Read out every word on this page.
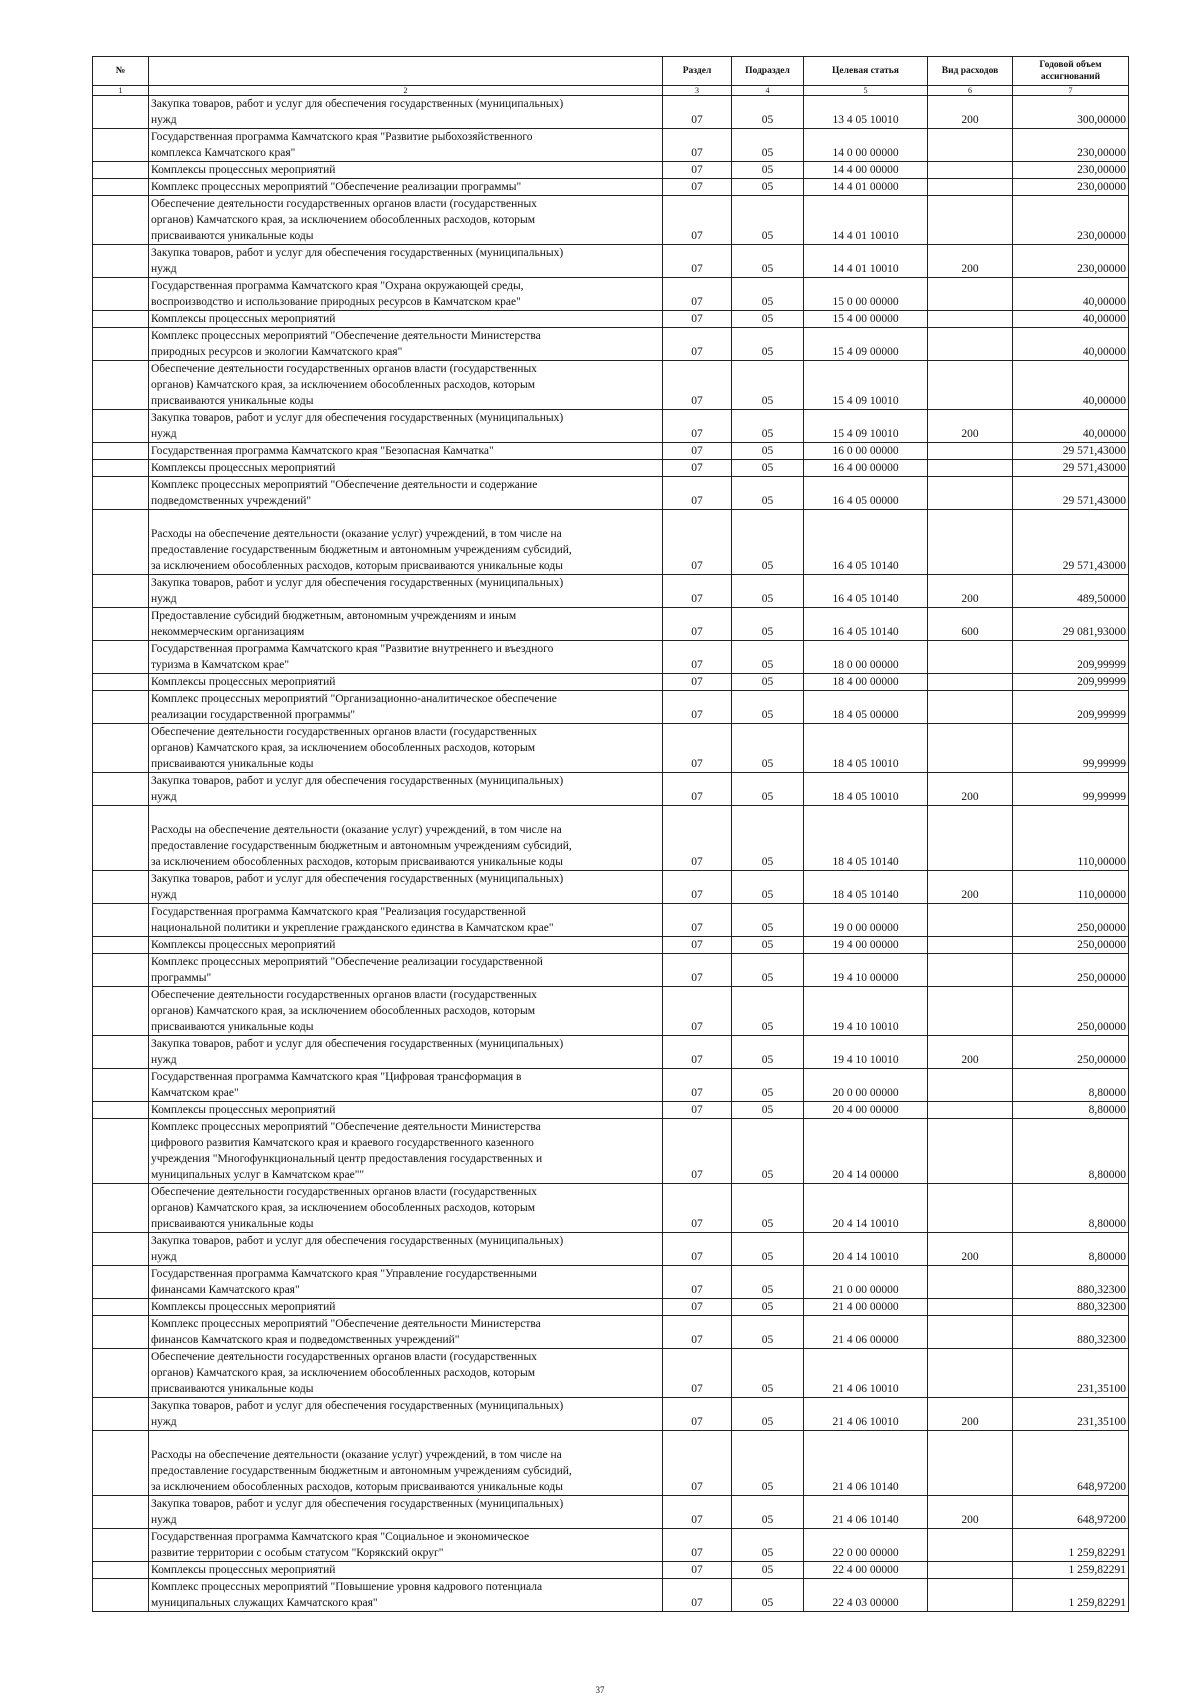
№		Раздел	Подраздел	Целевая статья	Вид расходов	Годовой объем ассигнований
1	2	3	4	5	6	7
	Закупка товаров, работ и услуг для обеспечения государственных (муниципальных)
нужд	07	05	13 4 05 10010	200	300,00000
	Государственная программа Камчатского края "Развитие рыбохозяйственного
комплекса Камчатского края"	07	05	14 0 00 00000		230,00000
	Комплексы процессных мероприятий	07	05	14 4 00 00000		230,00000
	Комплекс процессных мероприятий "Обеспечение реализации программы"	07	05	14 4 01 00000		230,00000
	Обеспечение деятельности государственных органов власти (государственных
органов) Камчатского края, за исключением обособленных расходов, которым
присваиваются уникальные коды	07	05	14 4 01 10010		230,00000
	Закупка товаров, работ и услуг для обеспечения государственных (муниципальных)
нужд	07	05	14 4 01 10010	200	230,00000
	Государственная программа Камчатского края "Охрана окружающей среды,
воспроизводство и использование природных ресурсов в Камчатском крае"	07	05	15 0 00 00000		40,00000
	Комплексы процессных мероприятий	07	05	15 4 00 00000		40,00000
	Комплекс процессных мероприятий "Обеспечение деятельности Министерства
природных ресурсов и экологии Камчатского края"	07	05	15 4 09 00000		40,00000
	Обеспечение деятельности государственных органов власти (государственных
органов) Камчатского края, за исключением обособленных расходов, которым
присваиваются уникальные коды	07	05	15 4 09 10010		40,00000
	Закупка товаров, работ и услуг для обеспечения государственных (муниципальных)
нужд	07	05	15 4 09 10010	200	40,00000
	Государственная программа Камчатского края "Безопасная Камчатка"	07	05	16 0 00 00000		29 571,43000
	Комплексы процессных мероприятий	07	05	16 4 00 00000		29 571,43000
	Комплекс процессных мероприятий "Обеспечение деятельности и содержание
подведомственных учреждений"	07	05	16 4 05 00000		29 571,43000
	Расходы на обеспечение деятельности (оказание услуг) учреждений, в том числе на
предоставление государственным бюджетным и автономным учреждениям субсидий,
за исключением обособленных расходов, которым присваиваются уникальные коды	07	05	16 4 05 10140		29 571,43000
	Закупка товаров, работ и услуг для обеспечения государственных (муниципальных)
нужд	07	05	16 4 05 10140	200	489,50000
	Предоставление субсидий бюджетным, автономным учреждениям и иным
некоммерческим организациям	07	05	16 4 05 10140	600	29 081,93000
	Государственная программа Камчатского края "Развитие внутреннего и въездного
туризма в Камчатском крае"	07	05	18 0 00 00000		209,99999
	Комплексы процессных мероприятий	07	05	18 4 00 00000		209,99999
	Комплекс процессных мероприятий "Организационно-аналитическое обеспечение
реализации государственной программы"	07	05	18 4 05 00000		209,99999
	Обеспечение деятельности государственных органов власти (государственных
органов) Камчатского края, за исключением обособленных расходов, которым
присваиваются уникальные коды	07	05	18 4 05 10010		99,99999
	Закупка товаров, работ и услуг для обеспечения государственных (муниципальных)
нужд	07	05	18 4 05 10010	200	99,99999
	Расходы на обеспечение деятельности (оказание услуг) учреждений, в том числе на
предоставление государственным бюджетным и автономным учреждениям субсидий,
за исключением обособленных расходов, которым присваиваются уникальные коды	07	05	18 4 05 10140		110,00000
	Закупка товаров, работ и услуг для обеспечения государственных (муниципальных)
нужд	07	05	18 4 05 10140	200	110,00000
	Государственная программа Камчатского края "Реализация государственной
национальной политики и укрепление гражданского единства в Камчатском крае"	07	05	19 0 00 00000		250,00000
	Комплексы процессных мероприятий	07	05	19 4 00 00000		250,00000
	Комплекс процессных мероприятий "Обеспечение реализации государственной
программы"	07	05	19 4 10 00000		250,00000
	Обеспечение деятельности государственных органов власти (государственных
органов) Камчатского края, за исключением обособленных расходов, которым
присваиваются уникальные коды	07	05	19 4 10 10010		250,00000
	Закупка товаров, работ и услуг для обеспечения государственных (муниципальных)
нужд	07	05	19 4 10 10010	200	250,00000
	Государственная программа Камчатского края "Цифровая трансформация в
Камчатском крае"	07	05	20 0 00 00000		8,80000
	Комплексы процессных мероприятий	07	05	20 4 00 00000		8,80000
	Комплекс процессных мероприятий "Обеспечение деятельности Министерства
цифрового развития Камчатского края и краевого государственного казенного
учреждения "Многофункциональный центр предоставления государственных и
муниципальных услуг в Камчатском крае""	07	05	20 4 14 00000		8,80000
	Обеспечение деятельности государственных органов власти (государственных
органов) Камчатского края, за исключением обособленных расходов, которым
присваиваются уникальные коды	07	05	20 4 14 10010		8,80000
	Закупка товаров, работ и услуг для обеспечения государственных (муниципальных)
нужд	07	05	20 4 14 10010	200	8,80000
	Государственная программа Камчатского края "Управление государственными
финансами Камчатского края"	07	05	21 0 00 00000		880,32300
	Комплексы процессных мероприятий	07	05	21 4 00 00000		880,32300
	Комплекс процессных мероприятий "Обеспечение деятельности Министерства
финансов Камчатского края и подведомственных учреждений"	07	05	21 4 06 00000		880,32300
	Обеспечение деятельности государственных органов власти (государственных
органов) Камчатского края, за исключением обособленных расходов, которым
присваиваются уникальные коды	07	05	21 4 06 10010		231,35100
	Закупка товаров, работ и услуг для обеспечения государственных (муниципальных)
нужд	07	05	21 4 06 10010	200	231,35100
	Расходы на обеспечение деятельности (оказание услуг) учреждений, в том числе на
предоставление государственным бюджетным и автономным учреждениям субсидий,
за исключением обособленных расходов, которым присваиваются уникальные коды	07	05	21 4 06 10140		648,97200
	Закупка товаров, работ и услуг для обеспечения государственных (муниципальных)
нужд	07	05	21 4 06 10140	200	648,97200
	Государственная программа Камчатского края "Социальное и экономическое
развитие территории с особым статусом "Корякский округ"	07	05	22 0 00 00000		1 259,82291
	Комплексы процессных мероприятий	07	05	22 4 00 00000		1 259,82291
	Комплекс процессных мероприятий "Повышение уровня кадрового потенциала
муниципальных служащих Камчатского края"	07	05	22 4 03 00000		1 259,82291
37
